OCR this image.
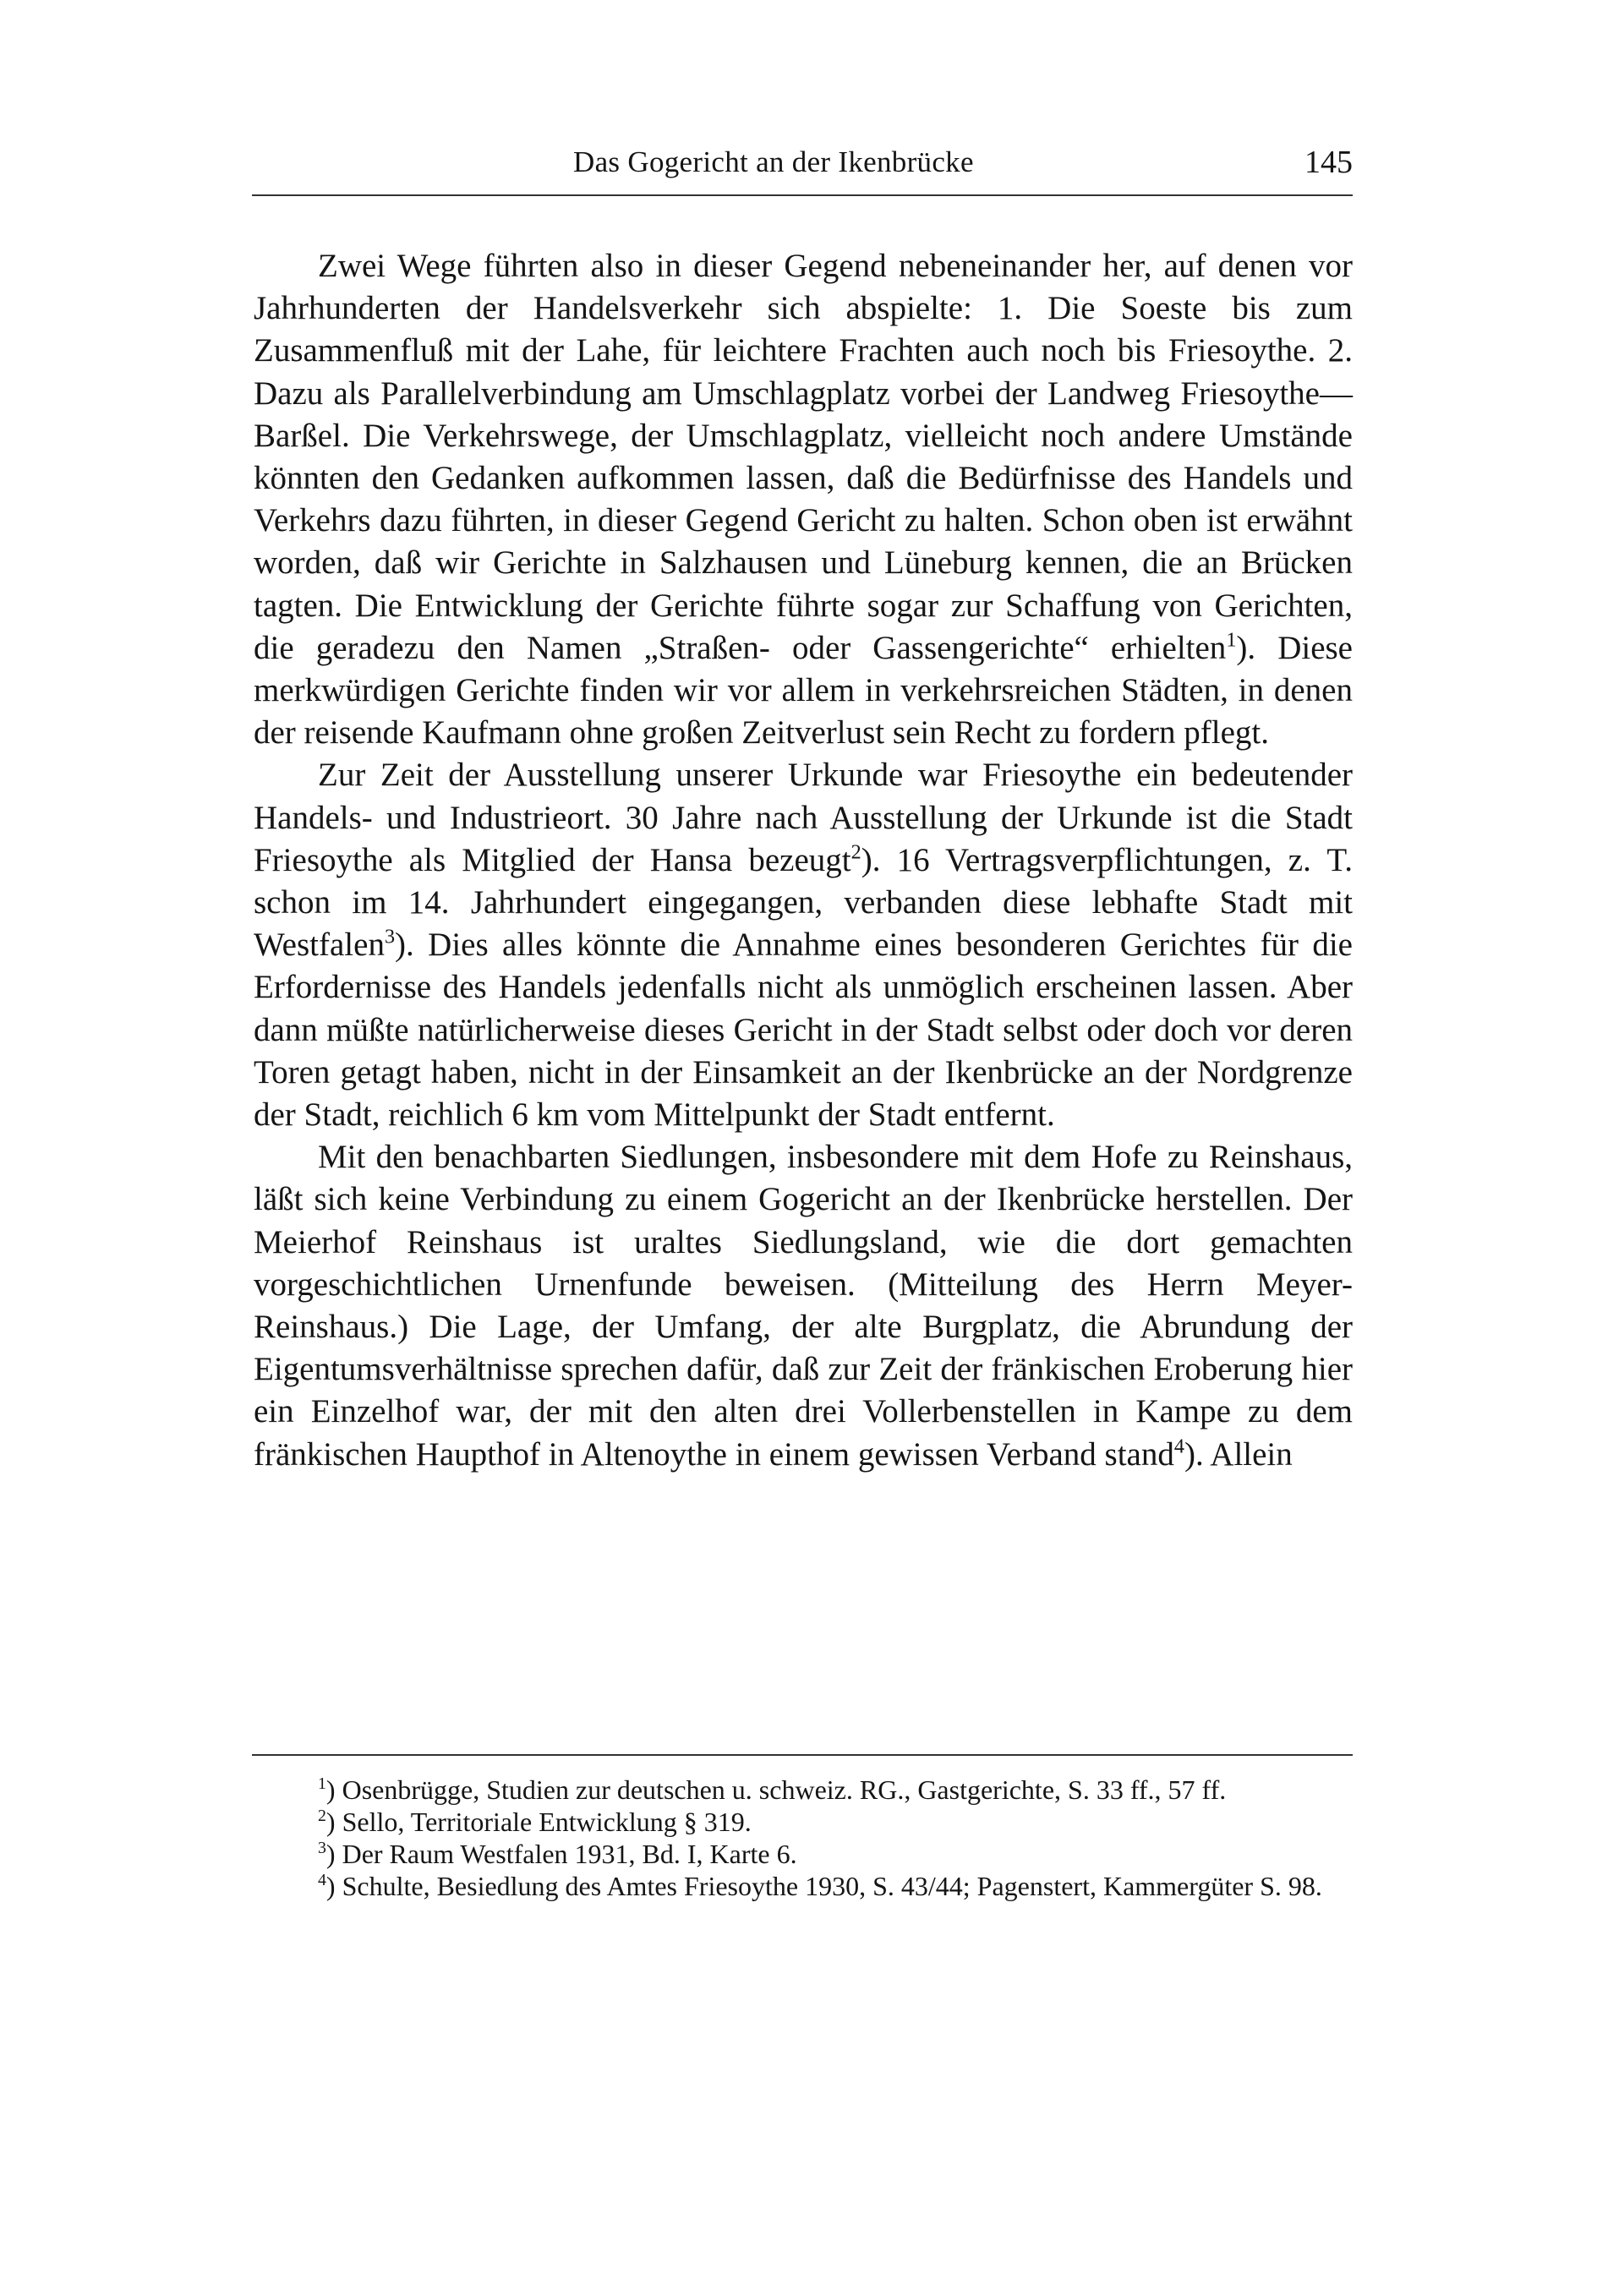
Das Gogericht an der Ikenbrücke	145

Zwei Wege führten also in dieser Gegend nebeneinander her, auf denen vor Jahrhunderten der Handelsverkehr sich abspielte: 1. Die Soeste bis zum Zusammenfluß mit der Lahe, für leichtere Frachten auch noch bis Friesoythe. 2. Dazu als Parallelverbindung am Umschlagplatz vorbei der Landweg Friesoythe—Barßel. Die Verkehrswege, der Umschlagplatz, vielleicht noch andere Umstände könnten den Gedanken aufkommen lassen, daß die Bedürfnisse des Handels und Verkehrs dazu führten, in dieser Gegend Gericht zu halten. Schon oben ist erwähnt worden, daß wir Gerichte in Salzhausen und Lüneburg kennen, die an Brücken tagten. Die Entwicklung der Gerichte führte sogar zur Schaffung von Gerichten, die geradezu den Namen „Straßen- oder Gassengerichte“ erhielten$^1$). Diese merkwürdigen Gerichte finden wir vor allem in verkehrsreichen Städten, in denen der reisende Kaufmann ohne großen Zeitverlust sein Recht zu fordern pflegt.

Zur Zeit der Ausstellung unserer Urkunde war Friesoythe ein bedeutender Handels- und Industrieort. 30 Jahre nach Ausstellung der Urkunde ist die Stadt Friesoythe als Mitglied der Hansa bezeugt$^2$). 16 Vertragsverpflichtungen, z. T. schon im 14. Jahrhundert eingegangen, verbanden diese lebhafte Stadt mit Westfalen$^3$). Dies alles könnte die Annahme eines besonderen Gerichtes für die Erfordernisse des Handels jedenfalls nicht als unmöglich erscheinen lassen. Aber dann müßte natürlicherweise dieses Gericht in der Stadt selbst oder doch vor deren Toren getagt haben, nicht in der Einsamkeit an der Ikenbrücke an der Nordgrenze der Stadt, reichlich 6 km vom Mittelpunkt der Stadt entfernt.

Mit den benachbarten Siedlungen, insbesondere mit dem Hofe zu Reinshaus, läßt sich keine Verbindung zu einem Gogericht an der Ikenbrücke herstellen. Der Meierhof Reinshaus ist uraltes Siedlungsland, wie die dort gemachten vorgeschichtlichen Urnenfunde beweisen. (Mitteilung des Herrn Meyer-Reinshaus.) Die Lage, der Umfang, der alte Burgplatz, die Abrundung der Eigentumsverhältnisse sprechen dafür, daß zur Zeit der fränkischen Eroberung hier ein Einzelhof war, der mit den alten drei Vollerbenstellen in Kampe zu dem fränkischen Haupthof in Altenoythe in einem gewissen Verband stand$^4$). Allein

$^1$) Osenbrügge, Studien zur deutschen u. schweiz. RG., Gastgerichte, S. 33 ff., 57 ff.

$^2$) Sello, Territoriale Entwicklung § 319.

$^3$) Der Raum Westfalen 1931, Bd. I, Karte 6.

$^4$) Schulte, Besiedlung des Amtes Friesoythe 1930, S. 43/44; Pagenstert, Kammergüter S. 98.
